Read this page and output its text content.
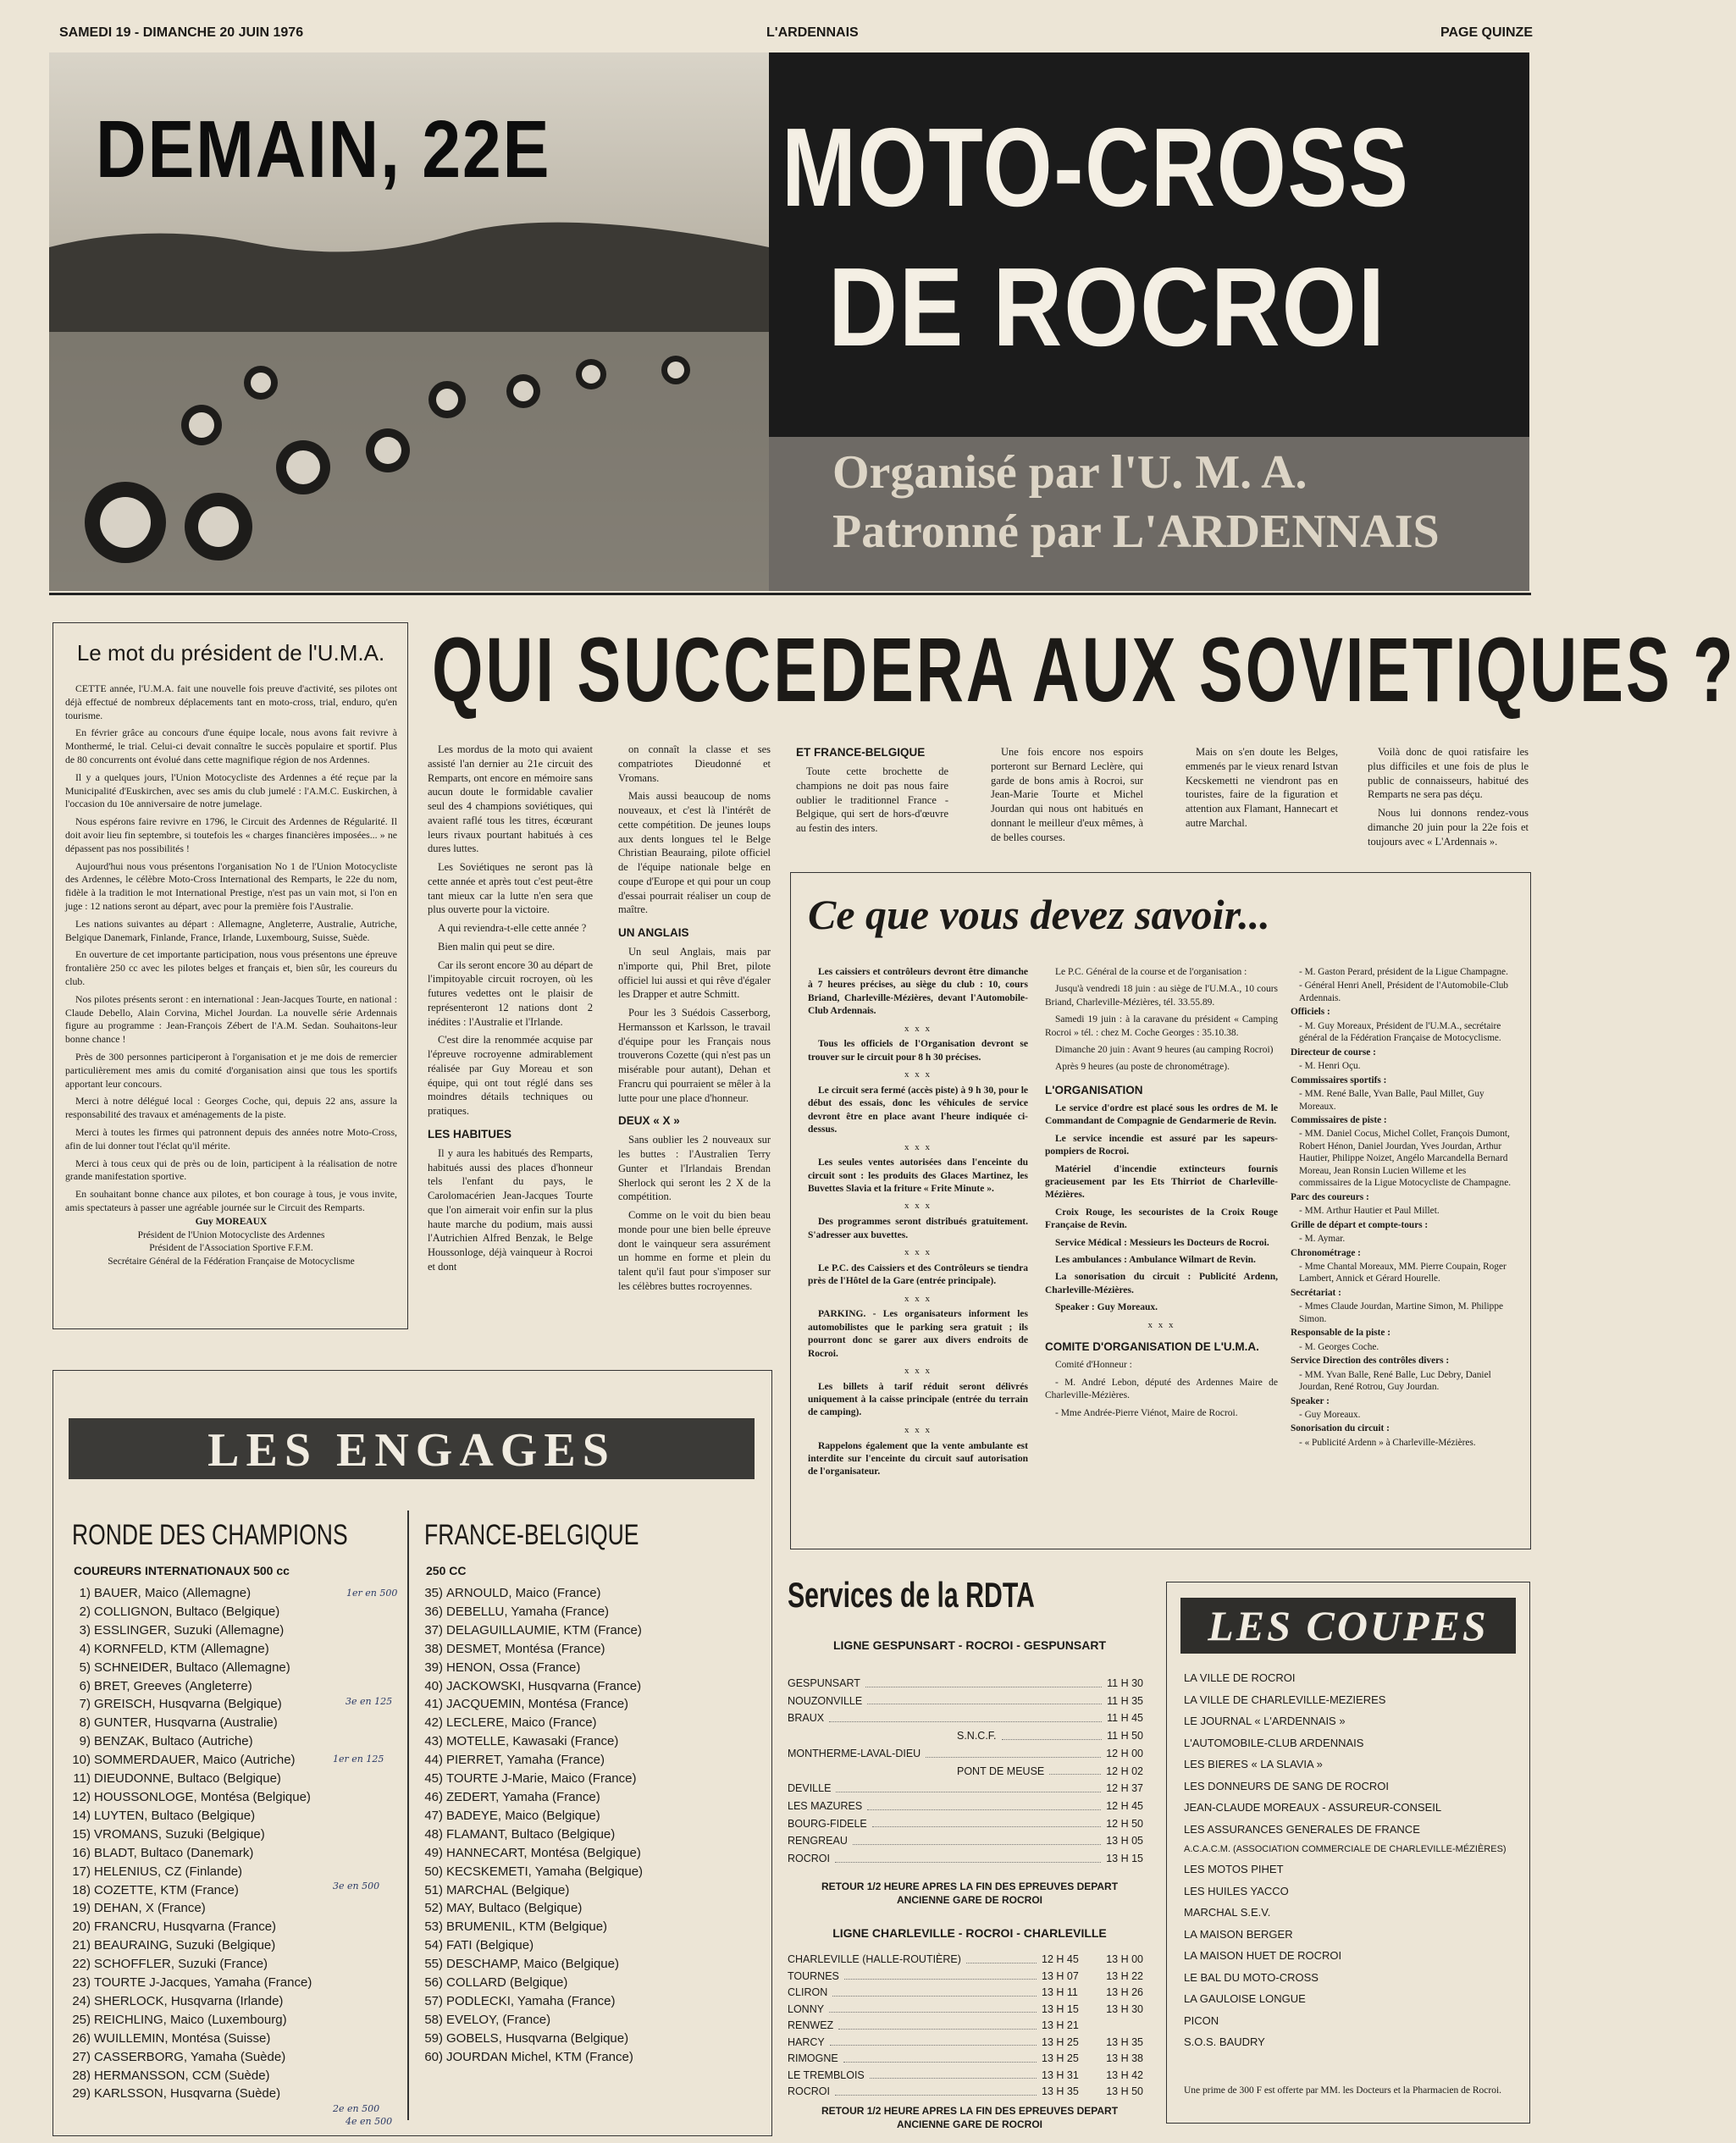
SAMEDI 19 - DIMANCHE 20 JUIN 1976	L'ARDENNAIS	PAGE QUINZE
DEMAIN, 22E MOTO-CROSS
DE ROCROI
Organisé par l'U. M. A.
Patronné par L'ARDENNAIS
Le mot du président de l'U.M.A.

CETTE année, l'U.M.A. fait une nouvelle fois preuve d'activité, ses pilotes ont déjà effectué de nombreux déplacements tant en moto-cross, trial, enduro, qu'en tourisme.

En février grâce au concours d'une équipe locale, nous avons fait revivre à Monthermé, le trial. Celui-ci devait connaître le succès populaire et sportif. Plus de 80 concurrents ont évolué dans cette magnifique région de nos Ardennes.

Il y a quelques jours, l'Union Motocycliste des Ardennes a été reçue par la Municipalité d'Euskirchen, avec ses amis du club jumelé : l'A.M.C. Euskirchen, à l'occasion du 10e anniversaire de notre jumelage.

Nous espérons faire revivre en 1796, le Circuit des Ardennes de Régularité. Il doit avoir lieu fin septembre, si toutefois les « charges financières imposées... » ne dépassent pas nos possibilités !

Aujourd'hui nous vous présentons l'organisation No 1 de l'Union Motocycliste des Ardennes, le célèbre Moto-Cross International des Remparts, le 22e du nom, fidèle à la tradition le mot International Prestige, n'est pas un vain mot, si l'on en juge : 12 nations seront au départ, avec pour la première fois l'Australie.

Les nations suivantes au départ : Allemagne, Angleterre, Australie, Autriche, Belgique Danemark, Finlande, France, Irlande, Luxembourg, Suisse, Suède.

En ouverture de cet importante participation, nous vous présentons une épreuve frontalière 250 cc avec les pilotes belges et français et, bien sûr, les coureurs du club.

Nos pilotes présents seront : en international : Jean-Jacques Tourte, en national : Claude Debello, Alain Corvina, Michel Jourdan. La nouvelle série Ardennais figure au programme : Jean-François Zébert de l'A.M. Sedan. Souhaitons-leur bonne chance !

Près de 300 personnes participeront à l'organisation et je me dois de remercier particulièrement mes amis du comité d'organisation ainsi que tous les sportifs apportant leur concours.

Merci à notre délégué local : Georges Coche, qui, depuis 22 ans, assure la responsabilité des travaux et aménagements de la piste.

Merci à toutes les firmes qui patronnent depuis des années notre Moto-Cross, afin de lui donner tout l'éclat qu'il mérite.

Merci à tous ceux qui de près ou de loin, participent à la réalisation de notre grande manifestation sportive.

En souhaitant bonne chance aux pilotes, et bon courage à tous, je vous invite, amis spectateurs à passer une agréable journée sur le Circuit des Remparts.

Guy MOREAUX
Président de l'Union Motocycliste des Ardennes
Président de l'Association Sportive F.F.M.
Secrétaire Général de la Fédération Française de Motocyclisme
QUI SUCCEDERA AUX SOVIETIQUES ?

Les mordus de la moto qui avaient assisté l'an dernier au 21e circuit des Remparts, ont encore en mémoire sans aucun doute le formidable cavalier seul des 4 champions soviétiques, qui avaient raflé tous les titres, écœurant leurs rivaux pourtant habitués à ces dures luttes.

Les Soviétiques ne seront pas là cette année et après tout c'est peut-être tant mieux car la lutte n'en sera que plus ouverte pour la victoire.

A qui reviendra-t-elle cette année ?

Bien malin qui peut se dire.

Car ils seront encore 30 au départ de l'impitoyable circuit rocroyen, où les futures vedettes ont le plaisir de représenteront 12 nations dont 2 inédites : l'Australie et l'Irlande.

C'est dire la renommée acquise par l'épreuve rocroyenne admirablement réalisée par Guy Moreau et son équipe, qui ont tout réglé dans ses moindres détails techniques ou pratiques.

LES HABITUES

Il y aura les habitués des Remparts, habitués aussi des places d'honneur tels l'enfant du pays, le Carolomacérien Jean-Jacques Tourte que l'on aimerait voir enfin sur la plus haute marche du podium, mais aussi l'Autrichien Alfred Benzak, le Belge Houssonloge, déjà vainqueur à Rocroi et dont

on connaît la classe et ses compatriotes Dieudonné et Vromans.

Mais aussi beaucoup de noms nouveaux, et c'est là l'intérêt de cette compétition. De jeunes loups aux dents longues tel le Belge Christian Beauraing, pilote officiel de l'équipe nationale belge en coupe d'Europe et qui pour un coup d'essai pourrait réaliser un coup de maître.

UN ANGLAIS

Un seul Anglais, mais par n'importe qui, Phil Bret, pilote officiel lui aussi et qui rêve d'égaler les Drapper et autre Schmitt.

Pour les 3 Suédois Casserborg, Hermansson et Karlsson, le travail d'équipe pour les Français nous trouverons Cozette (qui n'est pas un misérable pour autant), Dehan et Francru qui pourraient se mêler à la lutte pour une place d'honneur.

DEUX « X »

Sans oublier les 2 nouveaux sur les buttes : l'Australien Terry Gunter et l'Irlandais Brendan Sherlock qui seront les 2 X de la compétition.

Comme on le voit du bien beau monde pour une bien belle épreuve dont le vainqueur sera assurément un homme en forme et plein du talent qu'il faut pour s'imposer sur les célèbres buttes rocroyennes.

ET FRANCE-BELGIQUE

Toute cette brochette de champions ne doit pas nous faire oublier le traditionnel France - Belgique, qui sert de hors-d'œuvre au festin des inters.

Une fois encore nos espoirs porteront sur Bernard Leclère, qui garde de bons amis à Rocroi, sur Jean-Marie Tourte et Michel Jourdan qui nous ont habitués en donnant le meilleur d'eux mêmes, à de belles courses.

Mais on s'en doute les Belges, emmenés par le vieux renard Istvan Kecskemetti ne viendront pas en touristes, faire de la figuration et attention aux Flamant, Hannecart et autre Marchal.

Voilà donc de quoi ratisfaire les plus difficiles et une fois de plus le public de connaisseurs, habitué des Remparts ne sera pas déçu.

Nous lui donnons rendez-vous dimanche 20 juin pour la 22e fois et toujours avec « L'Ardennais ».

Ce que vous devez savoir...

Les caissiers et contrôleurs devront être dimanche à 7 heures précises, au siège du club : 10, cours Briand, Charleville-Mézières, devant l'Automobile-Club Ardennais.

x x x

Tous les officiels de l'Organisation devront se trouver sur le circuit pour 8 h 30 précises.

x x x

Le circuit sera fermé (accès piste) à 9 h 30, pour le début des essais, donc les véhicules de service devront être en place avant l'heure indiquée ci-dessus.

x x x

Les seules ventes autorisées dans l'enceinte du circuit sont : les produits des Glaces Martinez, les Buvettes Slavia et la friture « Frite Minute ».

x x x

Des programmes seront distribués gratuitement. S'adresser aux buvettes.

x x x

Le P.C. des Caissiers et des Contrôleurs se tiendra près de l'Hôtel de la Gare (entrée principale).

x x x

PARKING. - Les organisateurs informent les automobilistes que le parking sera gratuit ; ils pourront donc se garer aux divers endroits de Rocroi.

x x x

Les billets à tarif réduit seront délivrés uniquement à la caisse principale (entrée du terrain de camping).

x x x

Rappelons également que la vente ambulante est interdite sur l'enceinte du circuit sauf autorisation de l'organisateur.

Le P.C. Général de la course et de l'organisation :

Jusqu'à vendredi 18 juin : au siège de l'U.M.A., 10 cours Briand, Charleville-Mézières, tél. 33.55.89.

Samedi 19 juin : à la caravane du président « Camping Rocroi » tél. : chez M. Coche Georges : 35.10.38.

Dimanche 20 juin : Avant 9 heures (au camping Rocroi)

Après 9 heures (au poste de chronométrage).

L'ORGANISATION

Le service d'ordre est placé sous les ordres de M. le Commandant de Compagnie de Gendarmerie de Revin.

Le service incendie est assuré par les sapeurs-pompiers de Rocroi.

Matériel d'incendie extincteurs fournis gracieusement par les Ets Thirriot de Charleville-Mézières.

Croix Rouge, les secouristes de la Croix Rouge Française de Revin.

Service Médical : Messieurs les Docteurs de Rocroi.

Les ambulances : Ambulance Wilmart de Revin.

La sonorisation du circuit : Publicité Ardenn, Charleville-Mézières.

Speaker : Guy Moreaux.

x x x
COMITE D'ORGANISATION DE L'U.M.A.

Comité d'Honneur :

- M. André Lebon, député des Ardennes Maire de Charleville-Mézières.

- Mme Andrée-Pierre Viénot, Maire de Rocroi.

- M. Gaston Perard, président de la Ligue Champagne.
- Général Henri Anell, Président de l'Automobile-Club Ardennais.
Officiels :
- M. Guy Moreaux, Président de l'U.M.A., secrétaire général de la Fédération Française de Motocyclisme.
Directeur de course :
- M. Henri Oçu.
Commissaires sportifs :
- MM. René Balle, Yvan Balle, Paul Millet, Guy Moreaux.
Commissaires de piste :
- MM. Daniel Cocus, Michel Collet, François Dumont, Robert Hénon, Daniel Jourdan, Yves Jourdan, Arthur Hautier, Philippe Noizet, Angélo Marcandella Bernard Moreau, Jean Ronsin Lucien Willeme et les commissaires de la Ligue Motocycliste de Champagne.
Parc des coureurs :
- MM. Arthur Hautier et Paul Millet.
Grille de départ et compte-tours :
- M. Aymar.
Chronométrage :
- Mme Chantal Moreaux, MM. Pierre Coupain, Roger Lambert, Annick et Gérard Hourelle.
Secrétariat :
- Mmes Claude Jourdan, Martine Simon, M. Philippe Simon.
Responsable de la piste :
- M. Georges Coche.
Service Direction des contrôles divers :
- MM. Yvan Balle, René Balle, Luc Debry, Daniel Jourdan, René Rotrou, Guy Jourdan.
Speaker :
- Guy Moreaux.
Sonorisation du circuit :
- « Publicité Ardenn » à Charleville-Mézières.
LES ENGAGES
RONDE DES CHAMPIONS
COUREURS INTERNATIONAUX 500 cc
1) BAUER, Maico (Allemagne)
2) COLLIGNON, Bultaco (Belgique)
3) ESSLINGER, Suzuki (Allemagne)
4) KORNFELD, KTM (Allemagne)
5) SCHNEIDER, Bultaco (Allemagne)
6) BRET, Greeves (Angleterre)
7) GREISCH, Husqvarna (Belgique)
8) GUNTER, Husqvarna (Australie)
9) BENZAK, Bultaco (Autriche)
10) SOMMERDAUER, Maico (Autriche)
11) DIEUDONNE, Bultaco (Belgique)
12) HOUSSONLOGE, Montésa (Belgique)
14) LUYTEN, Bultaco (Belgique)
15) VROMANS, Suzuki (Belgique)
16) BLADT, Bultaco (Danemark)
17) HELENIUS, CZ (Finlande)
18) COZETTE, KTM (France)
19) DEHAN, X (France)
20) FRANCRU, Husqvarna (France)
21) BEAURAING, Suzuki (Belgique)
22) SCHOFFLER, Suzuki (France)
23) TOURTE J-Jacques, Yamaha (France)
24) SHERLOCK, Husqvarna (Irlande)
25) REICHLING, Maico (Luxembourg)
26) WUILLEMIN, Montésa (Suisse)
27) CASSERBORG, Yamaha (Suède)
28) HERMANSSON, CCM (Suède)
29) KARLSSON, Husqvarna (Suède)
FRANCE-BELGIQUE
250 CC
35) ARNOULD, Maico (France)
36) DEBELLU, Yamaha (France)
37) DELAGUILLAUMIE, KTM (France)
38) DESMET, Montésa (France)
39) HENON, Ossa (France)
40) JACKOWSKI, Husqvarna (France)
41) JACQUEMIN, Montésa (France)
42) LECLERE, Maico (France)
43) MOTELLE, Kawasaki (France)
44) PIERRET, Yamaha (France)
45) TOURTE J-Marie, Maico (France)
46) ZEDERT, Yamaha (France)
47) BADEYE, Maico (Belgique)
48) FLAMANT, Bultaco (Belgique)
49) HANNECART, Montésa (Belgique)
50) KECSKEMETI, Yamaha (Belgique)
51) MARCHAL (Belgique)
52) MAY, Bultaco (Belgique)
53) BRUMENIL, KTM (Belgique)
54) FATI (Belgique)
55) DESCHAMP, Maico (Belgique)
56) COLLARD (Belgique)
57) PODLECKI, Yamaha (France)
58) EVELOY, (France)
59) GOBELS, Husqvarna (Belgique)
60) JOURDAN Michel, KTM (France)
1er en 500
3e en 125
1er en 125
3e en 500
2e en 500
4e en 500
Services de la RDTA
LIGNE GESPUNSART - ROCROI - GESPUNSART
GESPUNSART	11 H 30
NOUZONVILLE	11 H 35
BRAUX	11 H 45
S.N.C.F.	11 H 50
MONTHERME-LAVAL-DIEU	12 H 00
PONT DE MEUSE	12 H 02
DEVILLE	12 H 37
LES MAZURES	12 H 45
BOURG-FIDELE	12 H 50
RENGREAU	13 H 05
ROCROI	13 H 15
RETOUR 1/2 HEURE APRES LA FIN DES EPREUVES DEPART ANCIENNE GARE DE ROCROI
LIGNE CHARLEVILLE - ROCROI - CHARLEVILLE
CHARLEVILLE (HALLE-ROUTIÈRE)	12 H 45	13 H 00
TOURNES	13 H 07	13 H 22
CLIRON	13 H 11	13 H 26
LONNY	13 H 15	13 H 30
RENWEZ	13 H 21
HARCY	13 H 25	13 H 35
RIMOGNE	13 H 25	13 H 38
LE TREMBLOIS	13 H 31	13 H 42
ROCROI	13 H 35	13 H 50
RETOUR 1/2 HEURE APRES LA FIN DES EPREUVES DEPART ANCIENNE GARE DE ROCROI
LES COUPES
LA VILLE DE ROCROI
LA VILLE DE CHARLEVILLE-MEZIERES
LE JOURNAL « L'ARDENNAIS »
L'AUTOMOBILE-CLUB ARDENNAIS
LES BIERES « LA SLAVIA »
LES DONNEURS DE SANG DE ROCROI
JEAN-CLAUDE MOREAUX - ASSUREUR-CONSEIL
LES ASSURANCES GENERALES DE FRANCE
A.C.A.C.M. (ASSOCIATION COMMERCIALE DE CHARLEVILLE-MÉZIÈRES)
LES MOTOS PIHET
LES HUILES YACCO
MARCHAL S.E.V.
LA MAISON BERGER
LA MAISON HUET DE ROCROI
LE BAL DU MOTO-CROSS
LA GAULOISE LONGUE
PICON
S.O.S. BAUDRY
Une prime de 300 F est offerte par MM. les Docteurs et la Pharmacien de Rocroi.
